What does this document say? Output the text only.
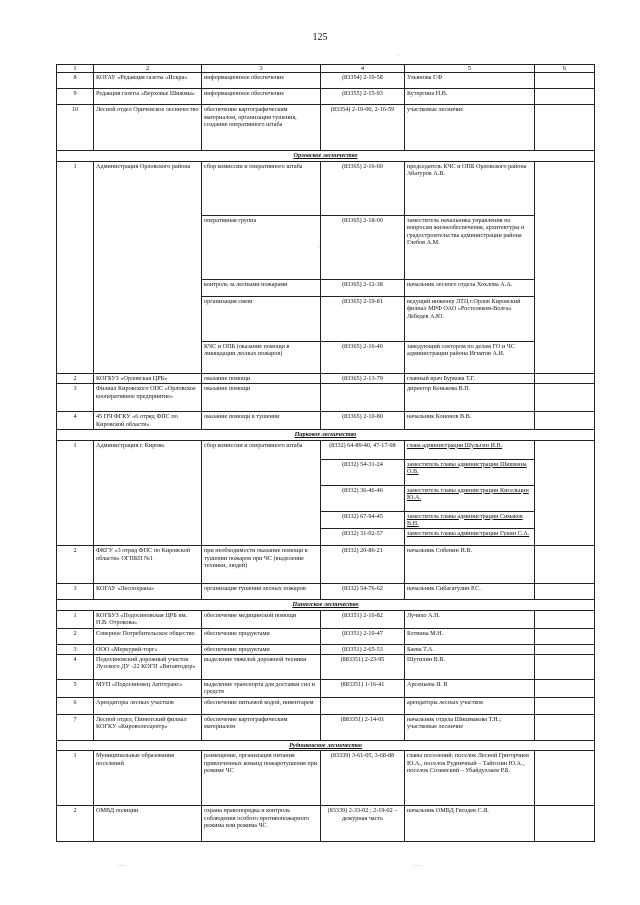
125
.
'
.. .	. . .
1	2	3	4	5	6
8	КОГАУ «Редакция газеты «Искра»	информационное обеспечение	(83354) 2-10-58	Ульянова Г.Ф	
9	Редакция газеты «Верховье Шижмы»	информационное обеспечение	(83355) 2-15-93	Кутергина Н.В.	
10	Лесной отдел Оричевское лесничество	обеспечение картографическим материалом, организация тушения, создание оперативного штаба	(83354) 2-10-00, 2-16-59	участковые лесничие	
Орловское лесничество					
1	Администрация Орловского района	сбор комиссии и оперативного штаба	(83365) 2-16-60	председатель КЧС и ОПБ Орловского района Абатуров А.В.	
		оперативная группа	(83365) 2-18-00	заместитель начальника управления по вопросам жизнеобеспечения, архитектуры и градостроительства администрации района Глебов А.М.	
		контроль за лесными пожарами	(83365) 2-12-38	начальник лесного отдела Хохлова А.А.	
		организация связи	(83365) 2-19-81	ведущий инженер ЛТЦ г.Орлов Кировский филиал МРФ ОАО «Ростелеком-Волга» Лебедев А.Ю.	
		КЧС и ОПБ (оказание помощи в ликвидации лесных пожаров)	(83365) 2-16-40	заведующий сектором по делам ГО и ЧС администрации района Игнатов А.И.	
2	КОГБУЗ «Орловская ЦРБ»	оказание помощи	(83365) 2-13-79	главный врач Буркова Т.Г.	
3	Филиал Кировского ОПС «Орловское кооперативное предприятие»	оказание помощи		директор Конькова В.П.	
4	45 ПЧ ФГКУ «6 отряд ФПС по Кировской области»	оказание помощи в тушении	(83365) 2-10-80	начальник Кононов В.В.	
Парковое лесничество					
1	Администрация г. Кирова	сбор комиссии и оперативного штаба	(8332) 64-89-40, 47-17-98	глава администрации Шульгин И.В.	
			(8332) 54-31-24	заместитель главы администрации Шишкина О.В.	
			(8332) 36-46-46	заместитель главы администрации Кисельцин Ю.А.	
			(8332) 67-94-45	заместитель главы администрации Симаков В.Н.	
			(8332) 31-02-57	заместитель главы администрации Гукин С.А.	
2	ФКГУ «3 отряд ФПС по Кировской области» ОГПКП №1	при необходимости оказание помощи в тушении пожаров при ЧС (выделение техники, людей)	(8332) 20-86-21	начальник Собенин И.В.	
3	КОГАУ «Лесоохрана»	организация тушения лесных пожаров	(8332) 54-76-62	начальник Сибагатулин Р.С.	
Пинюгское лесничество					
1	КОГБУЗ «Подосиновская ЦРБ им. Н.В. Отрокова»	обеспечение медицинской помощи	(83351) 2-10-82	Лучихо А.П.	
2	Северное Потребительское общество	обеспечение продуктами	(83351) 2-10-47	Ботвина М.Н.	
3	ООО «Меркурий-торг»	обеспечение продуктами	(83351) 2-65-53	Баева Т.А.	
4	Подосиновский дорожный участок Лузского ДУ -22 КОГП «Вятавтодор»	выделение тяжелой дорожной техники	(883351) 2-23-95	Шутилин В.В.	
5	МУП «Подосиновец Автотранс»	выделение транспорта для доставки сил и средств	(883351) 1-16-41	Арсеньева Я. В	
6	Арендаторы лесных участков	обеспечение питьевой водой, инвентарем		арендаторы лесных участков	
7	Лесной отдел, Пинюгский филиал КОГКУ «Кироволесцентр»	обеспечение картографическим материалом	(883351) 2-14-01	начальник отдела Шишмакова Т.Н.; участковые лесничие	
Рудниковское лесничество					
1	Муниципальные образования поселений	размещение, организация питания привлеченных команд пожаротушения при режиме ЧС	(83339) 3-61-05, 3-68-88	главы поселений: поселок Лесной Григорчиев Ю.А., поселок Рудничный – Тайгозин Ю.А., поселок Созимский – Убайдуллаев Р.Б.	
2	ОМВД полиции	охрана правопорядка и контроль соблюдения особого противопожарного режима или режима ЧС	(83339) 2-33-02 ; 2-19-02 –дежурная часть	начальник ОМВД Гвоздев С.Я.	
